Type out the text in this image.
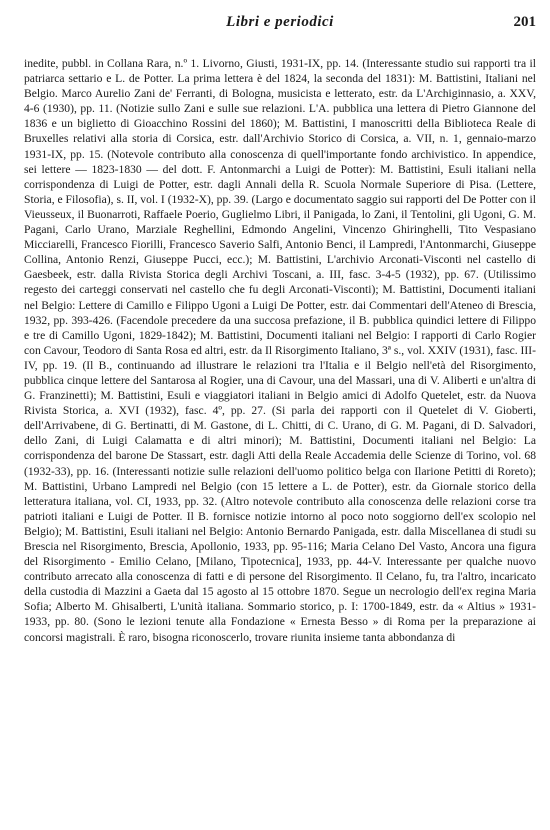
Libri e periodici	201
inedite, pubbl. in Collana Rara, n.º 1. Livorno, Giusti, 1931-IX, pp. 14. (Interessante studio sui rapporti tra il patriarca settario e L. de Potter. La prima lettera è del 1824, la seconda del 1831): M. Battistini, Italiani nel Belgio. Marco Aurelio Zani de' Ferranti, di Bologna, musicista e letterato, estr. da L'Archiginnasio, a. XXV, 4-6 (1930), pp. 11. (Notizie sullo Zani e sulle sue relazioni. L'A. pubblica una lettera di Pietro Giannone del 1836 e un biglietto di Gioacchino Rossini del 1860); M. Battistini, I manoscritti della Biblioteca Reale di Bruxelles relativi alla storia di Corsica, estr. dall'Archivio Storico di Corsica, a. VII, n. 1, gennaio-marzo 1931-IX, pp. 15. (Notevole contributo alla conoscenza di quell'importante fondo archivistico. In appendice, sei lettere — 1823-1830 — del dott. F. Antonmarchi a Luigi de Potter): M. Battistini, Esuli italiani nella corrispondenza di Luigi de Potter, estr. dagli Annali della R. Scuola Normale Superiore di Pisa. (Lettere, Storia, e Filosofia), s. II, vol. I (1932-X), pp. 39. (Largo e documentato saggio sui rapporti del De Potter con il Vieusseux, il Buonarroti, Raffaele Poerio, Guglielmo Libri, il Panigada, lo Zani, il Tentolini, gli Ugoni, G. M. Pagani, Carlo Urano, Marziale Reghellini, Edmondo Angelini, Vincenzo Ghiringhelli, Tito Vespasiano Micciarelli, Francesco Fiorilli, Francesco Saverio Salfi, Antonio Benci, il Lampredi, l'Antonmarchi, Giuseppe Collina, Antonio Renzi, Giuseppe Pucci, ecc.); M. Battistini, L'archivio Arconati-Visconti nel castello di Gaesbeek, estr. dalla Rivista Storica degli Archivi Toscani, a. III, fasc. 3-4-5 (1932), pp. 67. (Utilissimo regesto dei carteggi conservati nel castello che fu degli Arconati-Visconti); M. Battistini, Documenti italiani nel Belgio: Lettere di Camillo e Filippo Ugoni a Luigi De Potter, estr. dai Commentari dell'Ateneo di Brescia, 1932, pp. 393-426. (Facendole precedere da una succosa prefazione, il B. pubblica quindici lettere di Filippo e tre di Camillo Ugoni, 1829-1842); M. Battistini, Documenti italiani nel Belgio: I rapporti di Carlo Rogier con Cavour, Teodoro di Santa Rosa ed altri, estr. da Il Risorgimento Italiano, 3ª s., vol. XXIV (1931), fasc. III-IV, pp. 19. (Il B., continuando ad illustrare le relazioni tra l'Italia e il Belgio nell'età del Risorgimento, pubblica cinque lettere del Santarosa al Rogier, una di Cavour, una del Massari, una di V. Aliberti e un'altra di G. Franzinetti); M. Battistini, Esuli e viaggiatori italiani in Belgio amici di Adolfo Quetelet, estr. da Nuova Rivista Storica, a. XVI (1932), fasc. 4º, pp. 27. (Si parla dei rapporti con il Quetelet di V. Gioberti, dell'Arrivabene, di G. Bertinatti, di M. Gastone, di L. Chitti, di C. Urano, di G. M. Pagani, di D. Salvadori, dello Zani, di Luigi Calamatta e di altri minori); M. Battistini, Documenti italiani nel Belgio: La corrispondenza del barone De Stassart, estr. dagli Atti della Reale Accademia delle Scienze di Torino, vol. 68 (1932-33), pp. 16. (Interessanti notizie sulle relazioni dell'uomo politico belga con Ilarione Petitti di Roreto); M. Battistini, Urbano Lampredi nel Belgio (con 15 lettere a L. de Potter), estr. da Giornale storico della letteratura italiana, vol. CI, 1933, pp. 32. (Altro notevole contributo alla conoscenza delle relazioni corse tra patrioti italiani e Luigi de Potter. Il B. fornisce notizie intorno al poco noto soggiorno dell'ex scolopio nel Belgio); M. Battistini, Esuli italiani nel Belgio: Antonio Bernardo Panigada, estr. dalla Miscellanea di studi su Brescia nel Risorgimento, Brescia, Apollonio, 1933, pp. 95-116; Maria Celano Del Vasto, Ancora una figura del Risorgimento - Emilio Celano, [Milano, Tipotecnica], 1933, pp. 44-V. Interessante per qualche nuovo contributo arrecato alla conoscenza di fatti e di persone del Risorgimento. Il Celano, fu, tra l'altro, incaricato della custodia di Mazzini a Gaeta dal 15 agosto al 15 ottobre 1870. Segue un necrologio dell'ex regina Maria Sofia; Alberto M. Ghisalberti, L'unità italiana. Sommario storico, p. I: 1700-1849, estr. da « Altius » 1931-1933, pp. 80. (Sono le lezioni tenute alla Fondazione « Ernesta Besso » di Roma per la preparazione ai concorsi magistrali. È raro, bisogna riconoscerlo, trovare riunita insieme tanta abbondanza di
